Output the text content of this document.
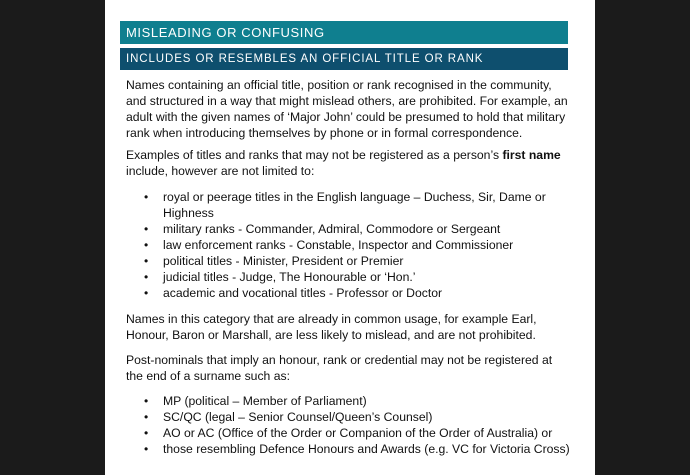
MISLEADING OR CONFUSING
INCLUDES OR RESEMBLES AN OFFICIAL TITLE OR RANK

Names containing an official title, position or rank recognised in the community, and structured in a way that might mislead others, are prohibited. For example, an adult with the given names of ‘Major John’ could be presumed to hold that military rank when introducing themselves by phone or in formal correspondence.

Examples of titles and ranks that may not be registered as a person’s first name include, however are not limited to:

• royal or peerage titles in the English language – Duchess, Sir, Dame or Highness
• military ranks - Commander, Admiral, Commodore or Sergeant
• law enforcement ranks - Constable, Inspector and Commissioner
• political titles - Minister, President or Premier
• judicial titles - Judge, The Honourable or ‘Hon.’
• academic and vocational titles - Professor or Doctor

Names in this category that are already in common usage, for example Earl, Honour, Baron or Marshall, are less likely to mislead, and are not prohibited.

Post-nominals that imply an honour, rank or credential may not be registered at the end of a surname such as:

• MP (political – Member of Parliament)
• SC/QC (legal – Senior Counsel/Queen’s Counsel)
• AO or AC (Office of the Order or Companion of the Order of Australia) or
• those resembling Defence Honours and Awards (e.g. VC for Victoria Cross)
